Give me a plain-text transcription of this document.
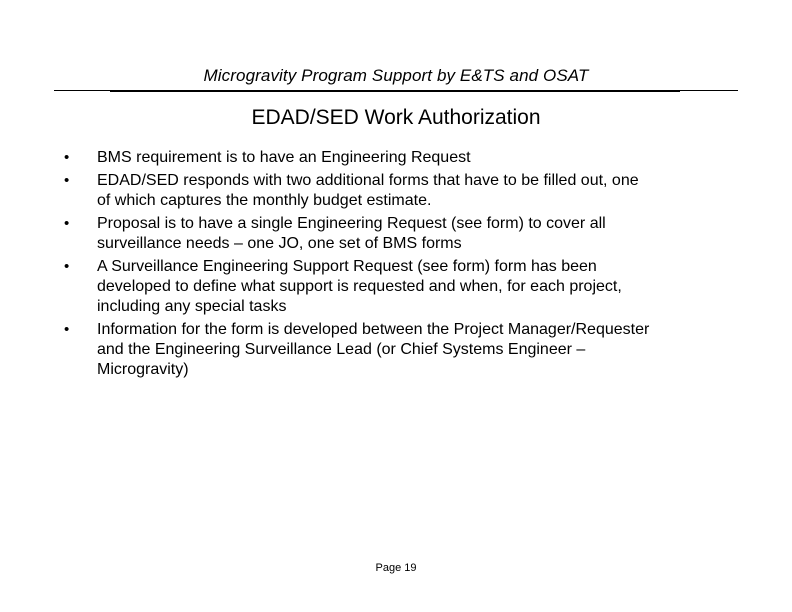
Microgravity Program Support by E&TS and OSAT
EDAD/SED Work Authorization
• BMS requirement is to have an Engineering Request
• EDAD/SED responds with two additional forms that have to be filled out, one
of which captures the monthly budget estimate.
• Proposal is to have a single Engineering Request (see form) to cover all
surveillance needs – one JO, one set of BMS forms
• A Surveillance Engineering Support Request (see form) form has been
developed to define what support is requested and when, for each project,
including any special tasks
• Information for the form is developed between the Project Manager/Requester
and the Engineering Surveillance Lead (or Chief Systems Engineer –
Microgravity)
Page 19
